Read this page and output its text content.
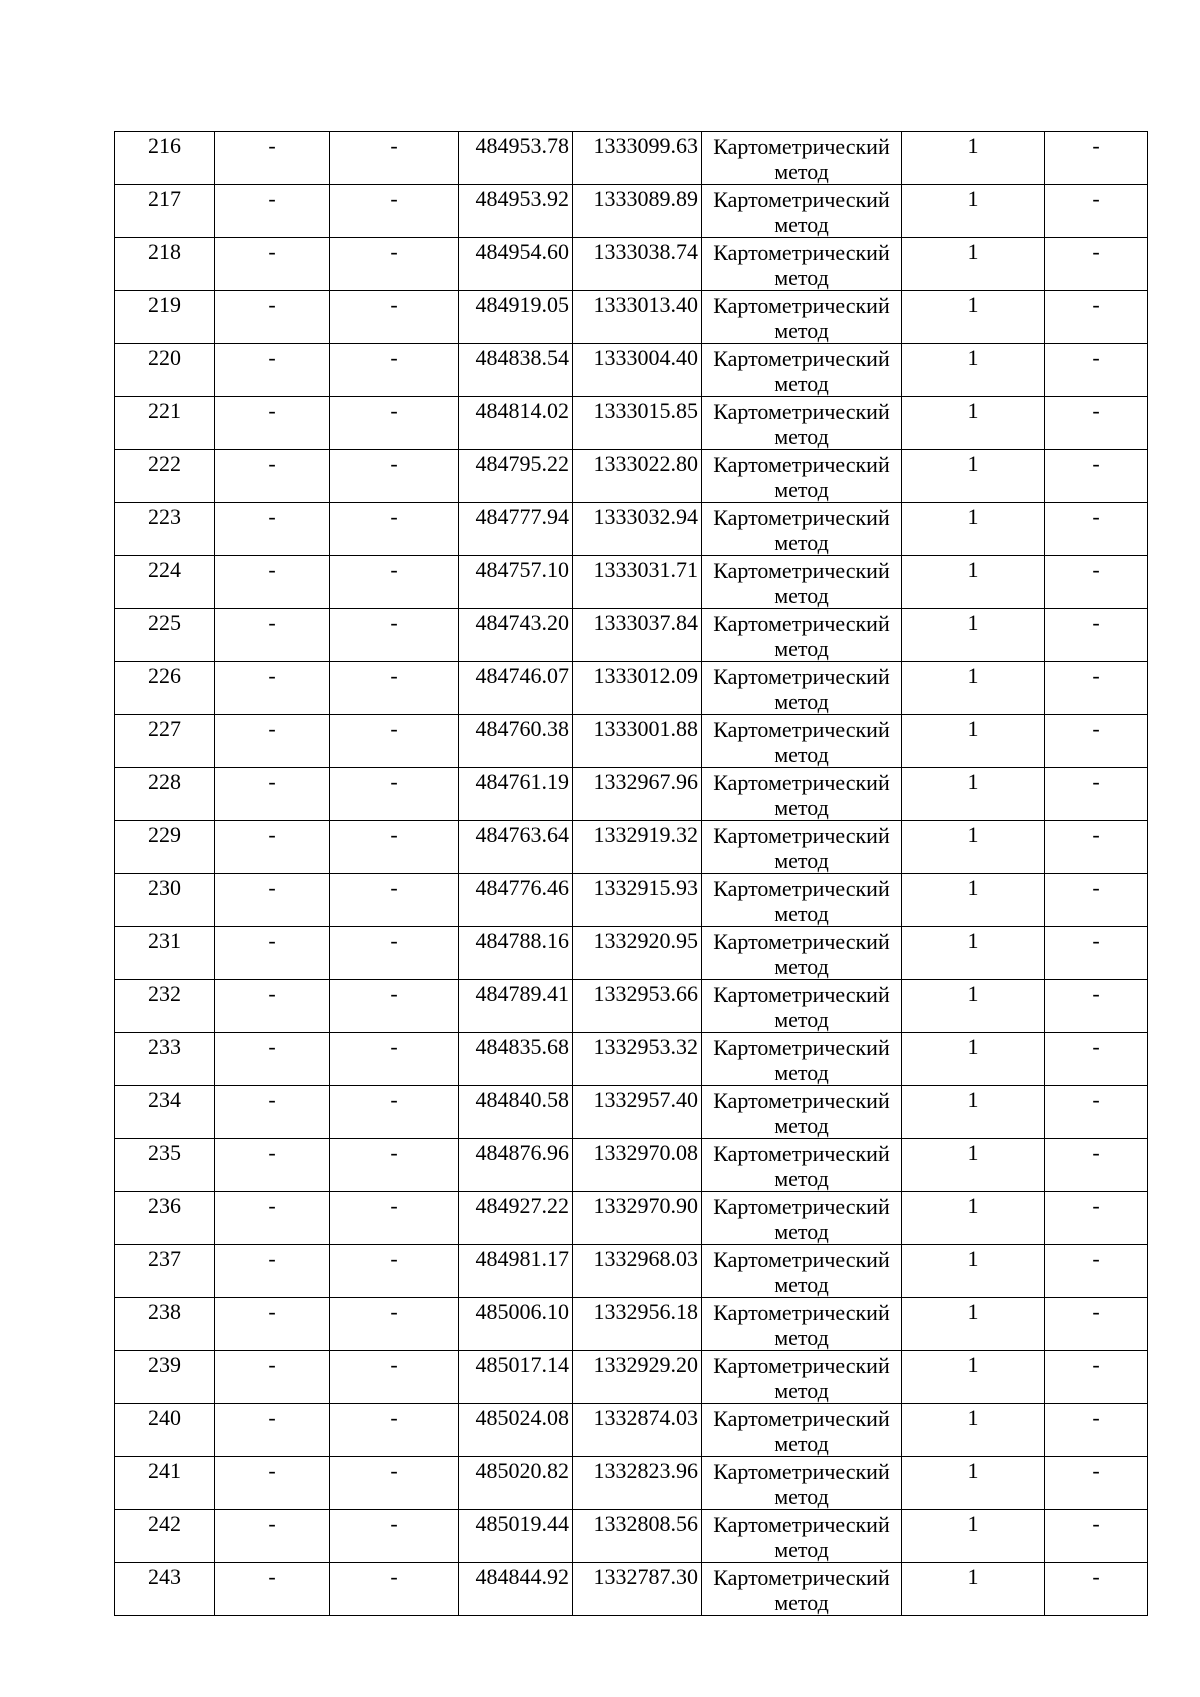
216	-	-	484953.78	1333099.63	Картометрический метод	1	-
217	-	-	484953.92	1333089.89	Картометрический метод	1	-
218	-	-	484954.60	1333038.74	Картометрический метод	1	-
219	-	-	484919.05	1333013.40	Картометрический метод	1	-
220	-	-	484838.54	1333004.40	Картометрический метод	1	-
221	-	-	484814.02	1333015.85	Картометрический метод	1	-
222	-	-	484795.22	1333022.80	Картометрический метод	1	-
223	-	-	484777.94	1333032.94	Картометрический метод	1	-
224	-	-	484757.10	1333031.71	Картометрический метод	1	-
225	-	-	484743.20	1333037.84	Картометрический метод	1	-
226	-	-	484746.07	1333012.09	Картометрический метод	1	-
227	-	-	484760.38	1333001.88	Картометрический метод	1	-
228	-	-	484761.19	1332967.96	Картометрический метод	1	-
229	-	-	484763.64	1332919.32	Картометрический метод	1	-
230	-	-	484776.46	1332915.93	Картометрический метод	1	-
231	-	-	484788.16	1332920.95	Картометрический метод	1	-
232	-	-	484789.41	1332953.66	Картометрический метод	1	-
233	-	-	484835.68	1332953.32	Картометрический метод	1	-
234	-	-	484840.58	1332957.40	Картометрический метод	1	-
235	-	-	484876.96	1332970.08	Картометрический метод	1	-
236	-	-	484927.22	1332970.90	Картометрический метод	1	-
237	-	-	484981.17	1332968.03	Картометрический метод	1	-
238	-	-	485006.10	1332956.18	Картометрический метод	1	-
239	-	-	485017.14	1332929.20	Картометрический метод	1	-
240	-	-	485024.08	1332874.03	Картометрический метод	1	-
241	-	-	485020.82	1332823.96	Картометрический метод	1	-
242	-	-	485019.44	1332808.56	Картометрический метод	1	-
243	-	-	484844.92	1332787.30	Картометрический метод	1	-
